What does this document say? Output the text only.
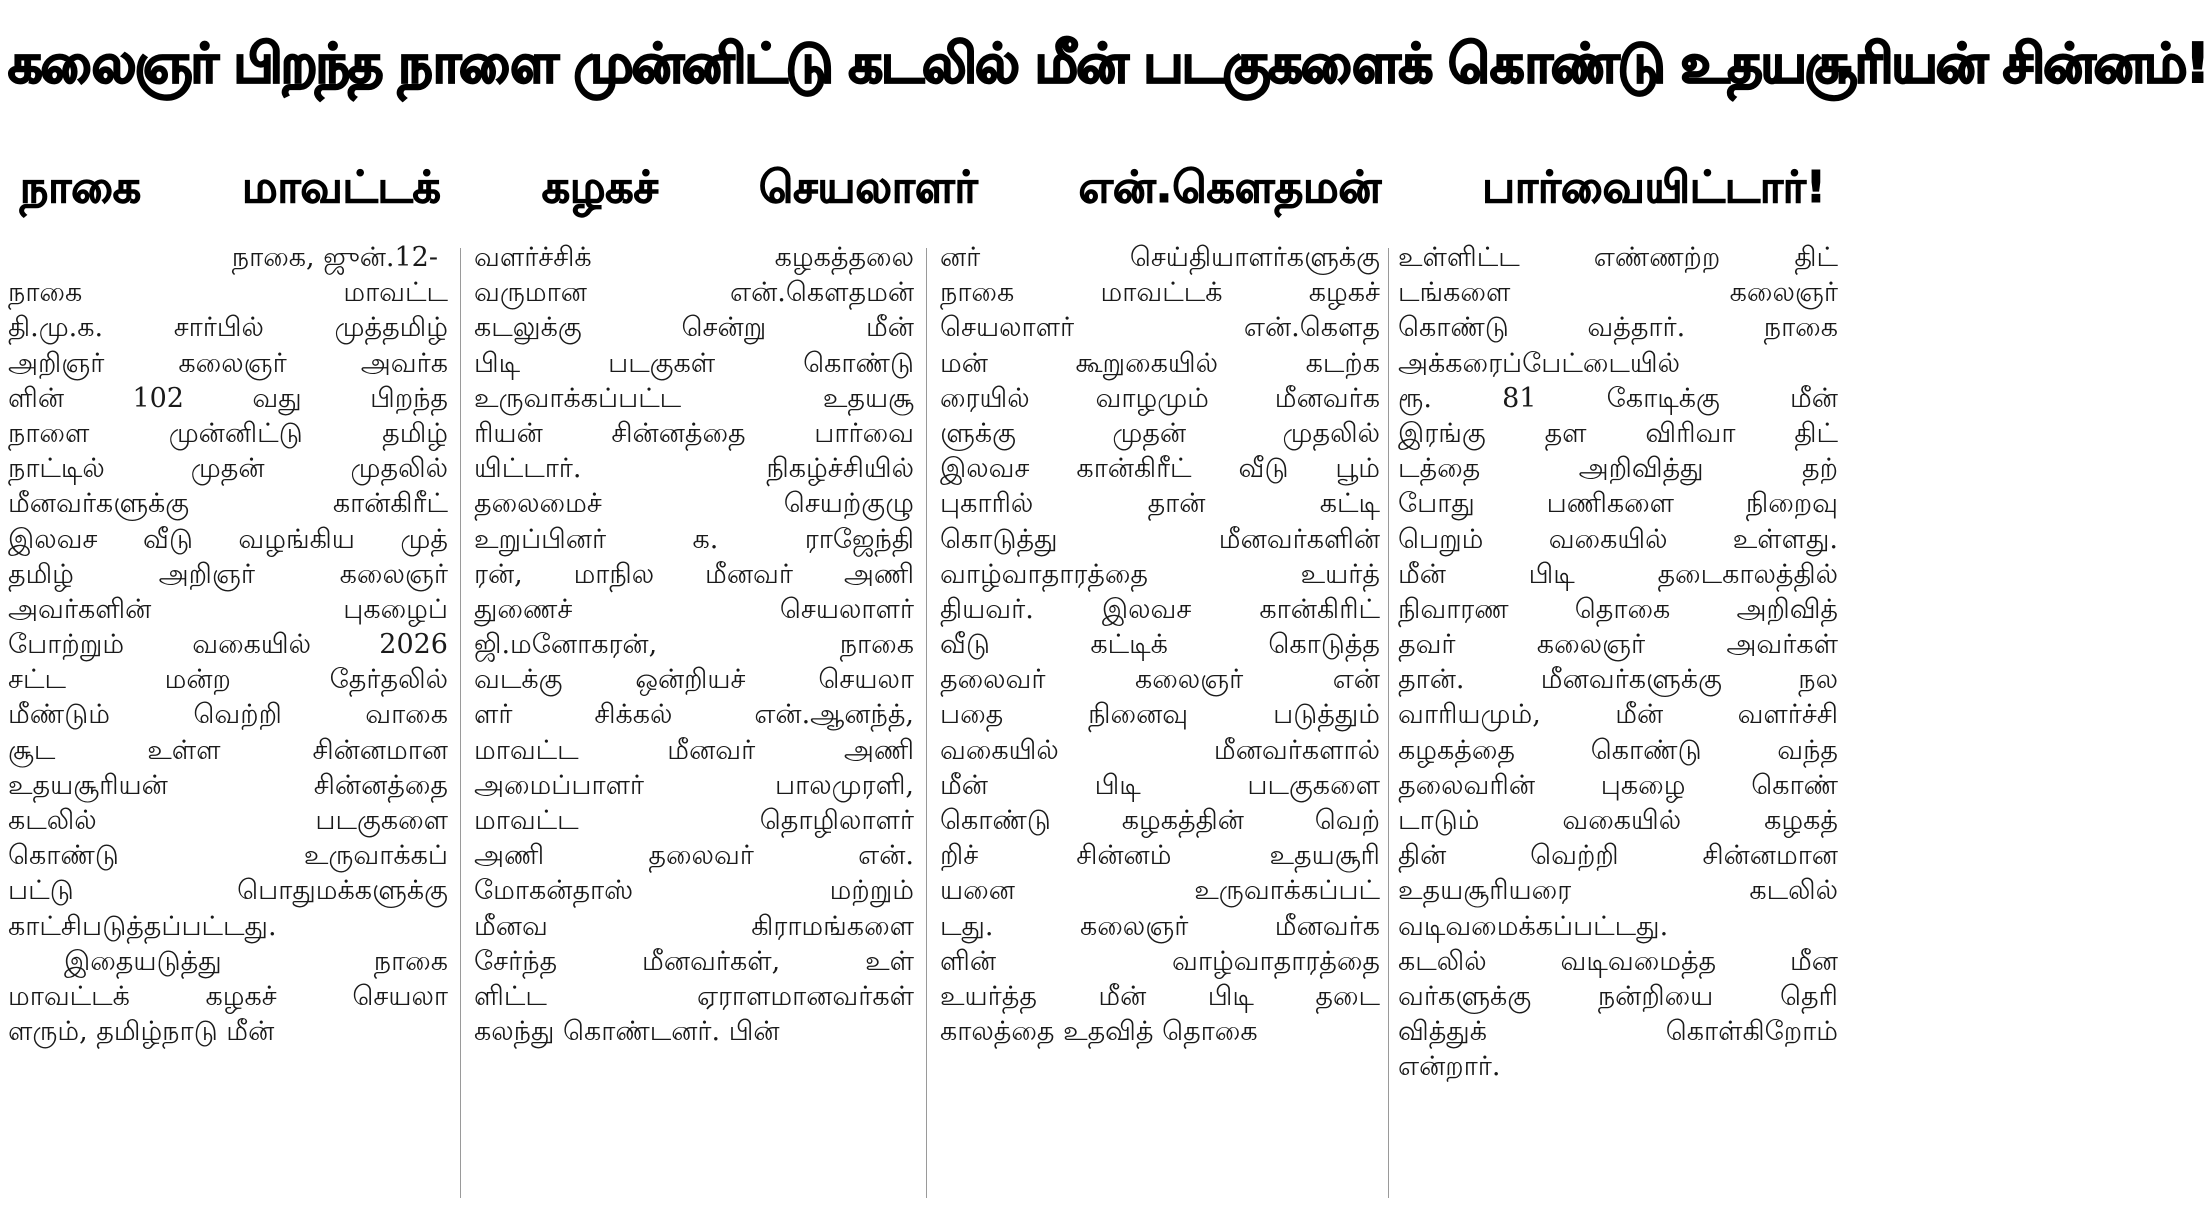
கலைஞர் பிறந்த நாளை முன்னிட்டு கடலில் மீன் படகுகளைக் கொண்டு உதயசூரியன் சின்னம்!
நாகை மாவட்டக் கழகச் செயலாளர் என்.கௌதமன் பார்வையிட்டார்!
நாகை, ஜுன்.12-
நாகை மாவட்ட
தி.மு.க. சார்பில் முத்தமிழ்
அறிஞர் கலைஞர் அவர்க
ளின் 102 வது பிறந்த
நாளை முன்னிட்டு தமிழ்
நாட்டில் முதன் முதலில்
மீனவர்களுக்கு கான்கிரீட்
இலவச வீடு வழங்கிய முத்
தமிழ் அறிஞர் கலைஞர்
அவர்களின் புகழைப்
போற்றும் வகையில் 2026
சட்ட மன்ற தேர்தலில்
மீண்டும் வெற்றி வாகை
சூட உள்ள சின்னமான
உதயசூரியன் சின்னத்தை
கடலில் படகுகளை
கொண்டு உருவாக்கப்
பட்டு பொதுமக்களுக்கு
காட்சிபடுத்தப்பட்டது.
இதையடுத்து நாகை
மாவட்டக் கழகச் செயலா
ளரும், தமிழ்நாடு மீன்
வளர்ச்சிக் கழகத்தலை
வருமான என்.கௌதமன்
கடலுக்கு சென்று மீன்
பிடி படகுகள் கொண்டு
உருவாக்கப்பட்ட உதயசூ
ரியன் சின்னத்தை பார்வை
யிட்டார். நிகழ்ச்சியில்
தலைமைச் செயற்குழு
உறுப்பினர் க. ராஜேந்தி
ரன், மாநில மீனவர் அணி
துணைச் செயலாளர்
ஜி.மனோகரன், நாகை
வடக்கு ஒன்றியச் செயலா
ளர் சிக்கல் என்.ஆனந்த்,
மாவட்ட மீனவர் அணி
அமைப்பாளர் பாலமுரளி,
மாவட்ட தொழிலாளர்
அணி தலைவர் என்.
மோகன்தாஸ் மற்றும்
மீனவ கிராமங்களை
சேர்ந்த மீனவர்கள், உள்
ளிட்ட ஏராளமானவர்கள்
கலந்து கொண்டனர். பின்
னர் செய்தியாளர்களுக்கு
நாகை மாவட்டக் கழகச்
செயலாளர் என்.கௌத
மன் கூறுகையில் கடற்க
ரையில் வாழமும் மீனவர்க
ளுக்கு முதன் முதலில்
இலவச கான்கிரீட் வீடு பூம்
புகாரில் தான் கட்டி
கொடுத்து மீனவர்களின்
வாழ்வாதாரத்தை உயர்த்
தியவர். இலவச கான்கிரிட்
வீடு கட்டிக் கொடுத்த
தலைவர் கலைஞர் என்
பதை நினைவு படுத்தும்
வகையில் மீனவர்களால்
மீன் பிடி படகுகளை
கொண்டு கழகத்தின் வெற்
றிச் சின்னம் உதயசூரி
யனை உருவாக்கப்பட்
டது. கலைஞர் மீனவர்க
ளின் வாழ்வாதாரத்தை
உயர்த்த மீன் பிடி தடை
காலத்தை உதவித் தொகை
உள்ளிட்ட எண்ணற்ற திட்
டங்களை கலைஞர்
கொண்டு வத்தார். நாகை
அக்கரைப்பேட்டையில்
ரூ. 81 கோடிக்கு மீன்
இரங்கு தள விரிவா திட்
டத்தை அறிவித்து தற்
போது பணிகளை நிறைவு
பெறும் வகையில் உள்ளது.
மீன் பிடி தடைகாலத்தில்
நிவாரண தொகை அறிவித்
தவர் கலைஞர் அவர்கள்
தான். மீனவர்களுக்கு நல
வாரியமும், மீன் வளர்ச்சி
கழகத்தை கொண்டு வந்த
தலைவரின் புகழை கொண்
டாடும் வகையில் கழகத்
தின் வெற்றி சின்னமான
உதயசூரியரை கடலில்
வடிவமைக்கப்பட்டது.
கடலில் வடிவமைத்த மீன
வர்களுக்கு நன்றியை தெரி
வித்துக் கொள்கிறோம்
என்றார்.
